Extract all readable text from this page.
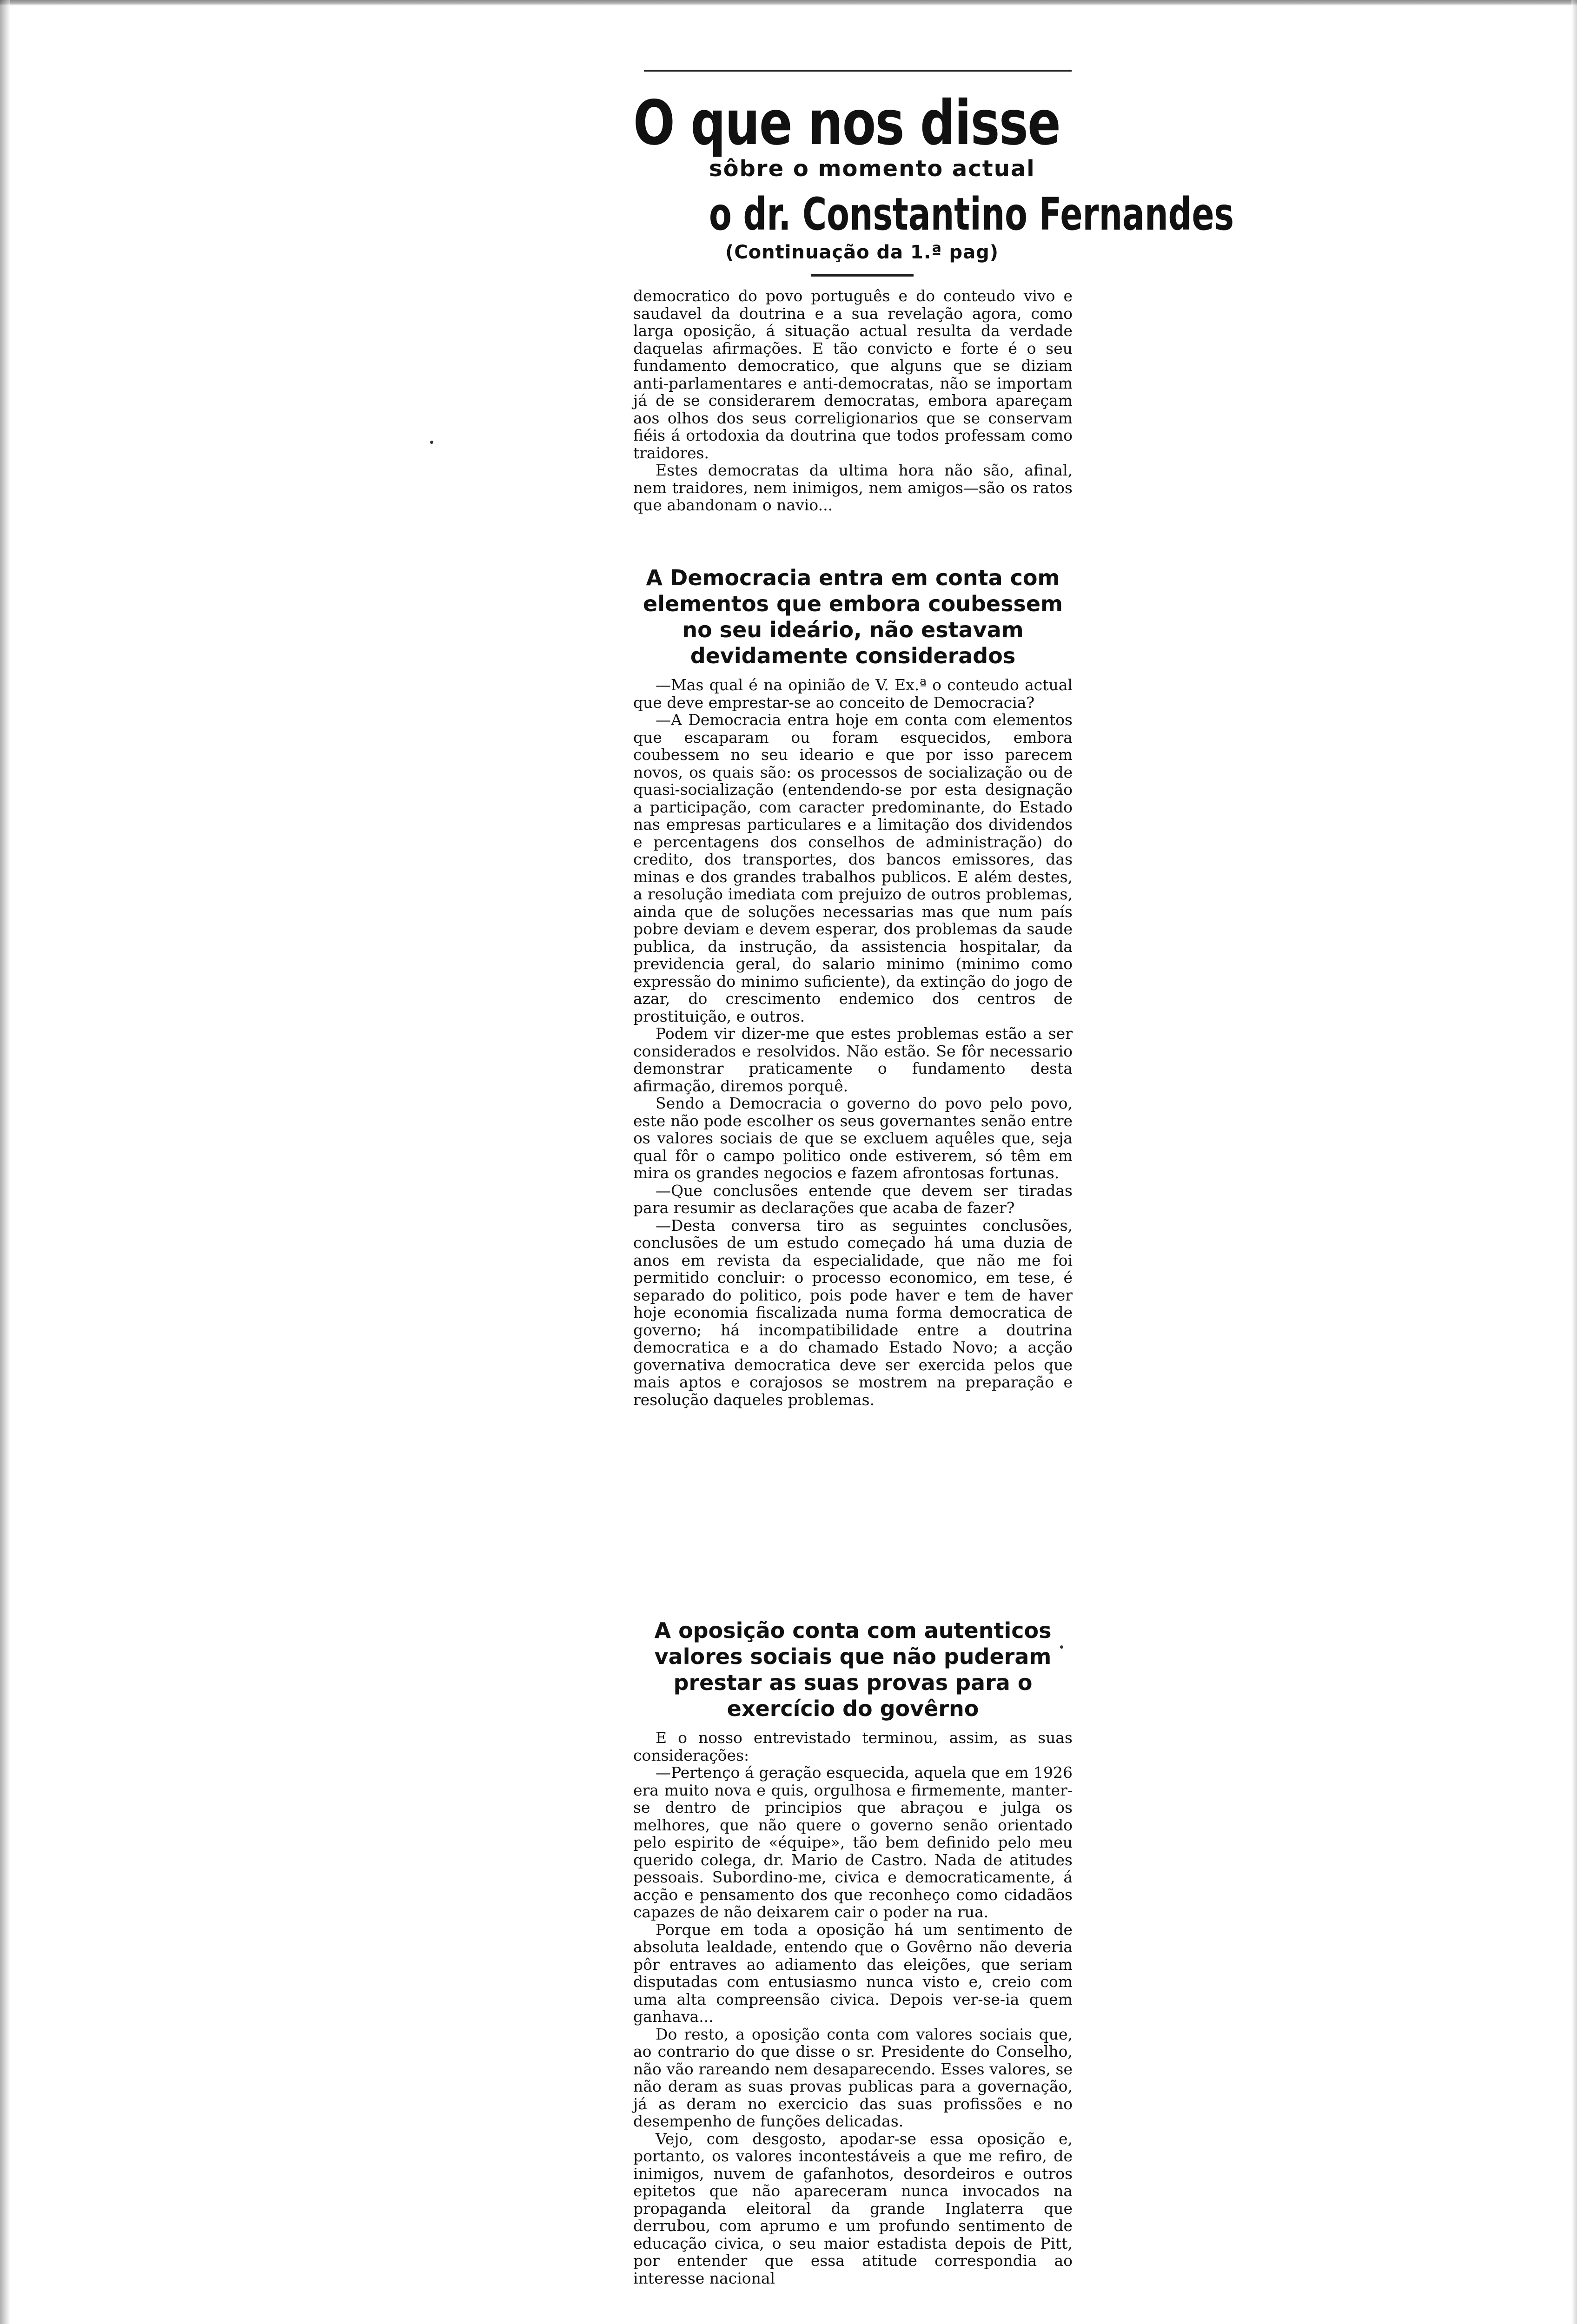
O que nos disse
sôbre o momento actual
o dr. Constantino Fernandes
(Continuação da 1.ª pag)

democratico do povo português e do conteudo vivo e saudavel da doutrina e a sua revelação agora, como larga oposição, á situação actual resulta da verdade daquelas afirmações. E tão convicto e forte é o seu fundamento democratico, que alguns que se diziam anti-parlamentares e anti-democratas, não se importam já de se considerarem democratas, embora apareçam aos olhos dos seus correligionarios que se conservam fiéis á ortodoxia da doutrina que todos professam como traidores.

Estes democratas da ultima hora não são, afinal, nem traidores, nem inimigos, nem amigos—são os ratos que abandonam o navio...

A Democracia entra em conta com elementos que embora coubessem no seu ideário, não estavam devidamente considerados

—Mas qual é na opinião de V. Ex.ª o conteudo actual que deve emprestar-se ao conceito de Democracia?

—A Democracia entra hoje em conta com elementos que escaparam ou foram esquecidos, embora coubessem no seu ideario e que por isso parecem novos, os quais são: os processos de socialização ou de quasi-socialização (entendendo-se por esta designação a participação, com caracter predominante, do Estado nas empresas particulares e a limitação dos dividendos e percentagens dos conselhos de administração) do credito, dos transportes, dos bancos emissores, das minas e dos grandes trabalhos publicos. E além destes, a resolução imediata com prejuizo de outros problemas, ainda que de soluções necessarias mas que num país pobre deviam e devem esperar, dos problemas da saude publica, da instrução, da assistencia hospitalar, da previdencia geral, do salario minimo (minimo como expressão do minimo suficiente), da extinção do jogo de azar, do crescimento endemico dos centros de prostituição, e outros.

Podem vir dizer-me que estes problemas estão a ser considerados e resolvidos. Não estão. Se fôr necessario demonstrar praticamente o fundamento desta afirmação, diremos porquê.

Sendo a Democracia o governo do povo pelo povo, este não pode escolher os seus governantes senão entre os valores sociais de que se excluem aquêles que, seja qual fôr o campo politico onde estiverem, só têm em mira os grandes negocios e fazem afrontosas fortunas.

—Que conclusões entende que devem ser tiradas para resumir as declarações que acaba de fazer?

—Desta conversa tiro as seguintes conclusões, conclusões de um estudo começado há uma duzia de anos em revista da especialidade, que não me foi permitido concluir: o processo economico, em tese, é separado do politico, pois pode haver e tem de haver hoje economia fiscalizada numa forma democratica de governo; há incompatibilidade entre a doutrina democratica e a do chamado Estado Novo; a acção governativa democratica deve ser exercida pelos que mais aptos e corajosos se mostrem na preparação e resolução daqueles problemas.

A oposição conta com autenticos valores sociais que não puderam prestar as suas provas para o exercício do govêrno

E o nosso entrevistado terminou, assim, as suas considerações:

—Pertenço á geração esquecida, aquela que em 1926 era muito nova e quis, orgulhosa e firmemente, manter-se dentro de principios que abraçou e julga os melhores, que não quere o governo senão orientado pelo espirito de «équipe», tão bem definido pelo meu querido colega, dr. Mario de Castro. Nada de atitudes pessoais. Subordino-me, civica e democraticamente, á acção e pensamento dos que reconheço como cidadãos capazes de não deixarem cair o poder na rua.

Porque em toda a oposição há um sentimento de absoluta lealdade, entendo que o Govêrno não deveria pôr entraves ao adiamento das eleições, que seriam disputadas com entusiasmo nunca visto e, creio com uma alta compreensão civica. Depois ver-se-ia quem ganhava...

Do resto, a oposição conta com valores sociais que, ao contrario do que disse o sr. Presidente do Conselho, não vão rareando nem desaparecendo. Esses valores, se não deram as suas provas publicas para a governação, já as deram no exercicio das suas profissões e no desempenho de funções delicadas.

Vejo, com desgosto, apodar-se essa oposição e, portanto, os valores incontestáveis a que me refiro, de inimigos, nuvem de gafanhotos, desordeiros e outros epitetos que não apareceram nunca invocados na propaganda eleitoral da grande Inglaterra que derrubou, com aprumo e um profundo sentimento de educação civica, o seu maior estadista depois de Pitt, por entender que essa atitude correspondia ao interesse nacional
